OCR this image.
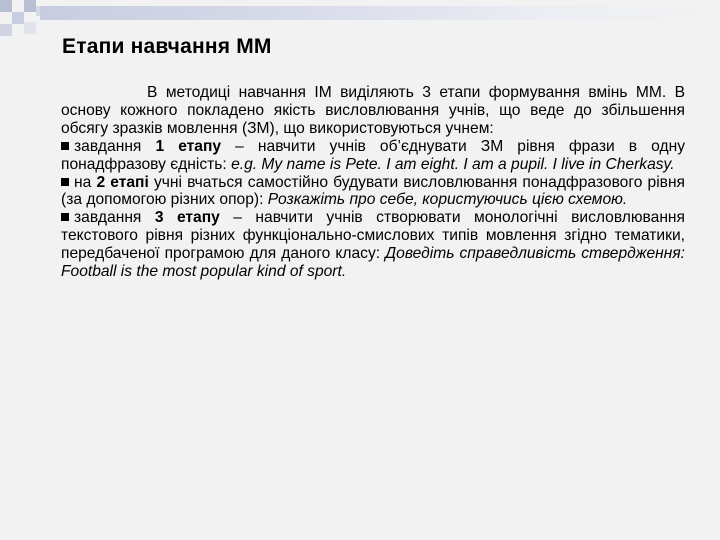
Етапи навчання ММ

В методиці навчання ІМ виділяють 3 етапи формування вмінь ММ. В основу кожного покладено якість висловлювання учнів, що веде до збільшення обсягу зразків мовлення (ЗМ), що використовуються учнем:

завдання 1 етапу – навчити учнів об’єднувати ЗМ рівня фрази в одну понадфразову єдність: e.g. My name is Pete. I am eight. I am a pupil. I live in Cherkasy.

на 2 етапі учні вчаться самостійно будувати висловлювання понадфразового рівня (за допомогою різних опор): Розкажіть про себе, користуючись цією схемою.

завдання 3 етапу – навчити учнів створювати монологічні висловлювання текстового рівня різних функціонально-смислових типів мовлення згідно тематики, передбаченої програмою для даного класу: Доведіть справедливість ствердження: Football is the most popular kind of sport.
